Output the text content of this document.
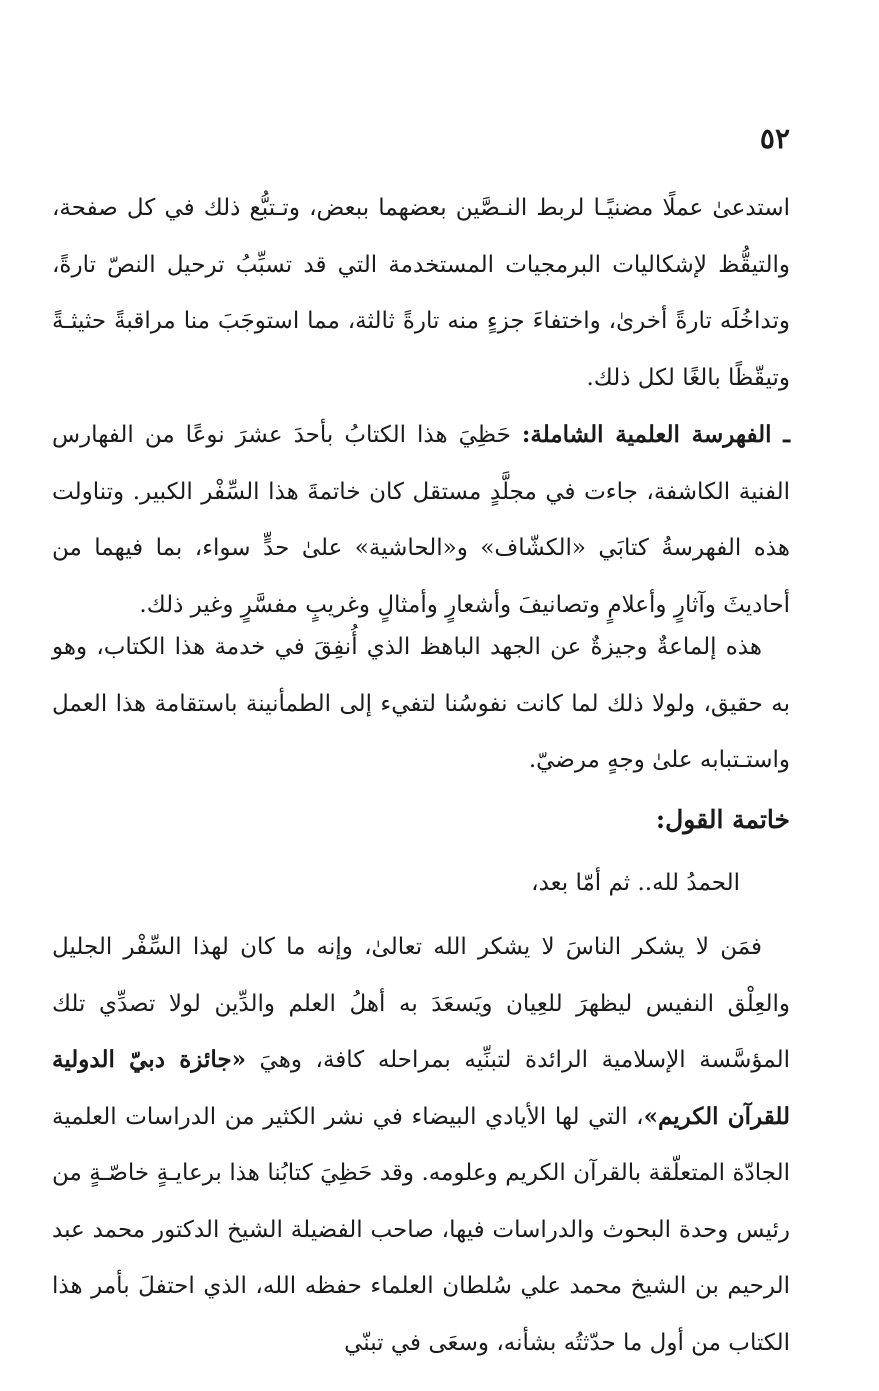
٥٢

استدعىٰ عملًا مضنيًـا لربط النـصَّين بعضهما ببعض، وتـتبُّع ذلك في كل صفحة، والتيقُّظ لإشكاليات البرمجيات المستخدمة التي قد تسبِّبُ ترحيل النصّ تارةً، وتداخُلَه تارةً أخرىٰ، واختفاءَ جزءٍ منه تارةً ثالثة، مما استوجَبَ منا مراقبةً حثيثـةً وتيقّظًا بالغًا لكل ذلك.

ـ الفهرسة العلمية الشاملة: حَظِيَ هذا الكتابُ بأحدَ عشرَ نوعًا من الفهارس الفنية الكاشفة، جاءت في مجلَّدٍ مستقل كان خاتمةَ هذا السِّفْر الكبير. وتناولت هذه الفهرسةُ كتابَي «الكشّاف» و«الحاشية» علىٰ حدٍّ سواء، بما فيهما من أحاديثَ وآثارٍ وأعلامٍ وتصانيفَ وأشعارٍ وأمثالٍ وغريبٍ مفسَّرٍ وغير ذلك.

هذه إلماعةٌ وجيزةٌ عن الجهد الباهظ الذي أُنفِقَ في خدمة هذا الكتاب، وهو به حقيق، ولولا ذلك لما كانت نفوسُنا لتفيء إلى الطمأنينة باستقامة هذا العمل واستـتبابه علىٰ وجهٍ مرضيّ.

خاتمة القول:

الحمدُ لله.. ثم أمّا بعد،

فمَن لا يشكر الناسَ لا يشكر الله تعالىٰ، وإنه ما كان لهذا السِّفْر الجليل والعِلْق النفيس ليظهرَ للعِيان ويَسعَدَ به أهلُ العلم والدِّين لولا تصدِّي تلك المؤسَّسة الإسلامية الرائدة لتبنِّيه بمراحله كافة، وهيَ «جائزة دبيّ الدولية للقرآن الكريم»، التي لها الأيادي البيضاء في نشر الكثير من الدراسات العلمية الجادّة المتعلّقة بالقرآن الكريم وعلومه. وقد حَظِيَ كتابُنا هذا برعايـةٍ خاصّـةٍ من رئيس وحدة البحوث والدراسات فيها، صاحب الفضيلة الشيخ الدكتور محمد عبد الرحيم بن الشيخ محمد علي سُلطان العلماء حفظه الله، الذي احتفلَ بأمر هذا الكتاب من أول ما حدّثتُه بشأنه، وسعَى في تبنّي
